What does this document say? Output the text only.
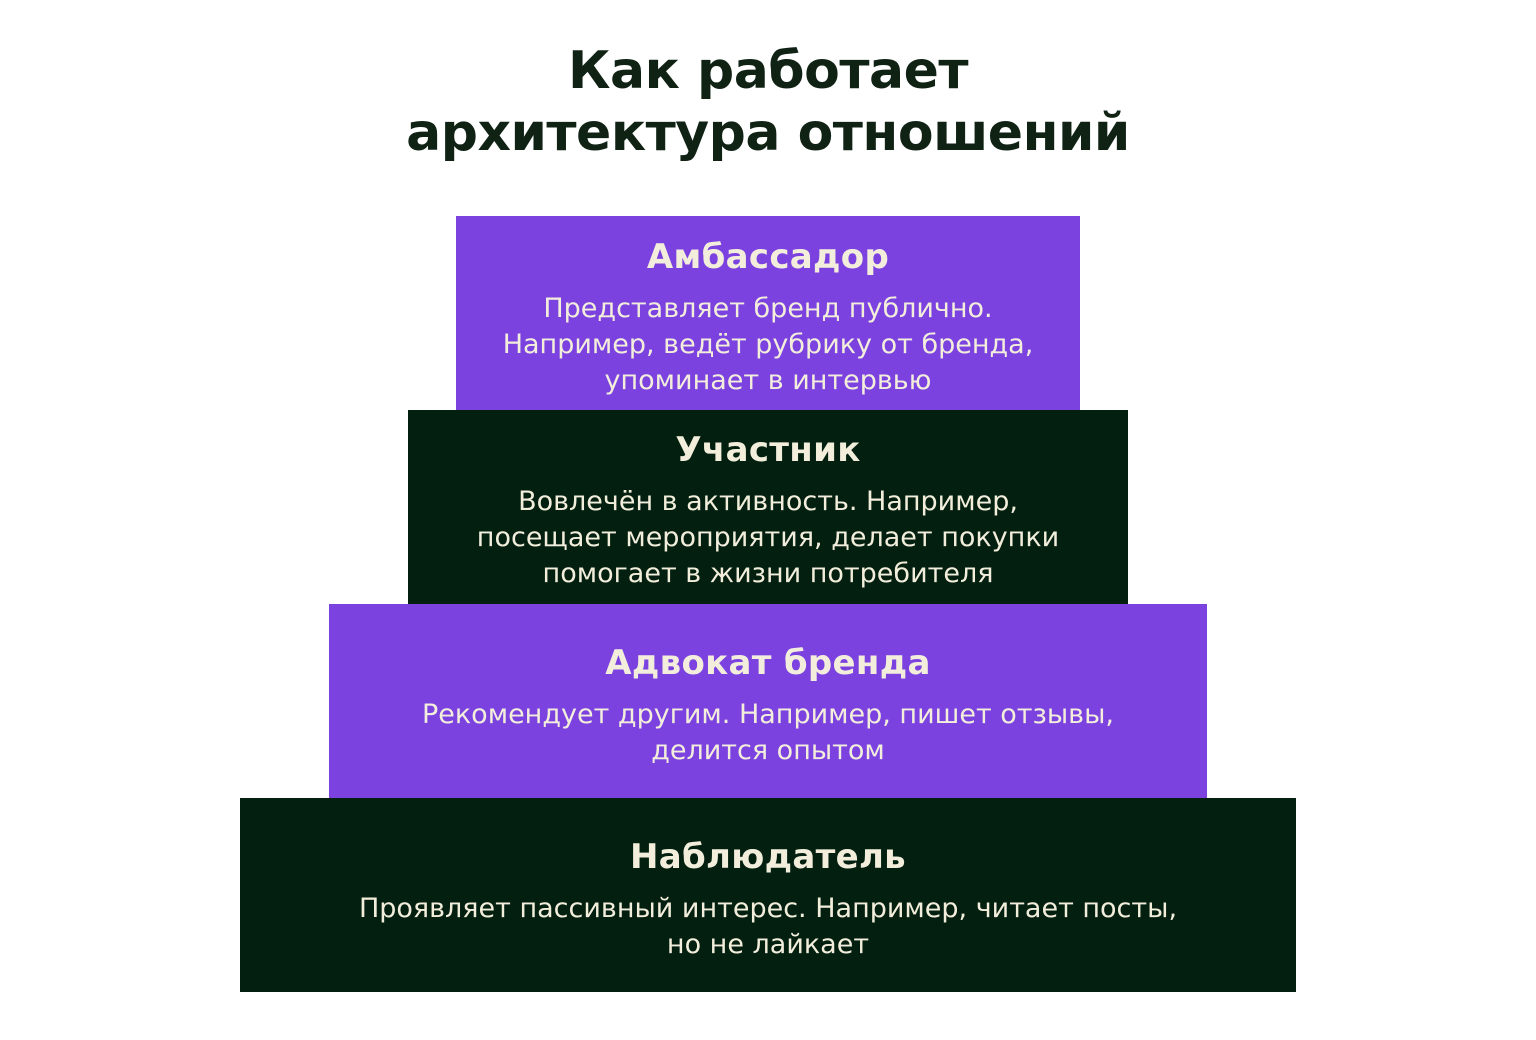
Как работает
архитектура отношений
Амбассадор
Представляет бренд публично.
Например, ведёт рубрику от бренда,
упоминает в интервью
Участник
Вовлечён в активность. Например,
посещает мероприятия, делает покупки
помогает в жизни потребителя
Адвокат бренда
Рекомендует другим. Например, пишет отзывы,
делится опытом
Наблюдатель
Проявляет пассивный интерес. Например, читает посты,
но не лайкает
